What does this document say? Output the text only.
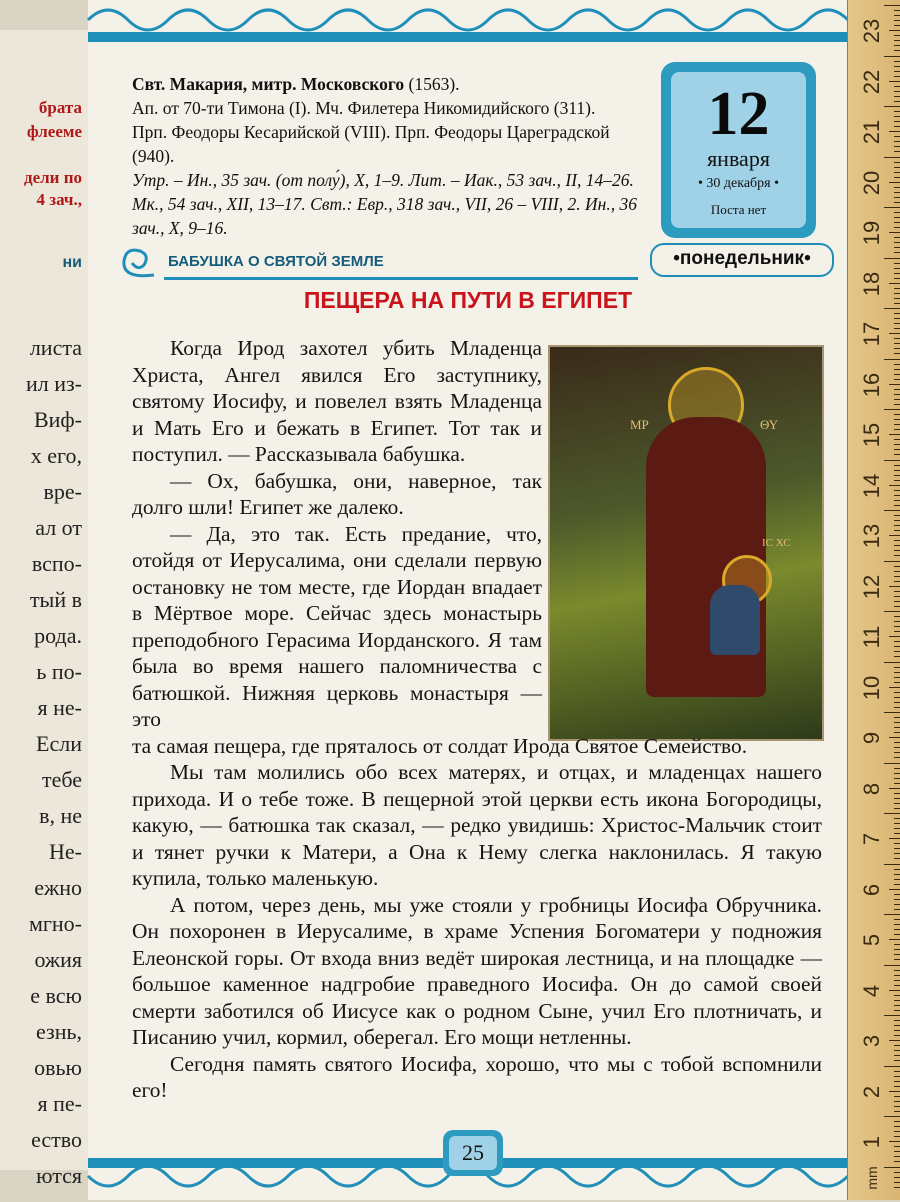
брата
флееме
дели по
4 зач.,
ни
листа
ил из-
Виф-
х его,
вре-
ал от
вспо-
тый в
рода.
ь по-
я не-
Если
тебе
в, не
Не-
ежно
мгно-
ожия
е всю
езнь,
овью
я пе-
ество
ются
Свт. Макария, митр. Московского (1563).
Ап. от 70-ти Тимона (I). Мч. Филетера Никомидийского (311).
Прп. Феодоры Кесарийской (VIII). Прп. Феодоры Цареградской
(940).
Утр. – Ин., 35 зач. (от полу́), Х, 1–9. Лит. – Иак., 53 зач., II, 14–26. Мк., 54 зач., XII, 13–17. Свт.: Евр., 318 зач., VII, 26 – VIII, 2. Ин., 36 зач., Х, 9–16.
12
января
• 30 декабря •
Поста нет
•понедельник•
БАБУШКА О СВЯТОЙ ЗЕМЛЕ
ПЕЩЕРА НА ПУТИ В ЕГИПЕТ
МР	ΘΥ
ΙС ХС

Когда Ирод захотел убить Младенца Христа, Ангел явился Его заступнику, святому Иосифу, и повелел взять Младенца и Мать Его и бежать в Египет. Тот так и поступил. — Рассказывала бабушка.

— Ох, бабушка, они, наверное, так долго шли! Египет же далеко.

— Да, это так. Есть предание, что, отойдя от Иерусалима, они сделали первую остановку не том месте, где Иордан впадает в Мёртвое море. Сейчас здесь монастырь преподобного Герасима Иорданского. Я там была во время нашего паломничества с батюшкой. Нижняя церковь монастыря — это

та самая пещера, где пряталось от солдат Ирода Святое Семейство.

Мы там молились обо всех матерях, и отцах, и младенцах нашего прихода. И о тебе тоже. В пещерной этой церкви есть икона Богородицы, какую, — батюшка так сказал, — редко увидишь: Христос-Мальчик стоит и тянет ручки к Матери, а Она к Нему слегка наклонилась. Я такую купила, только маленькую.

А потом, через день, мы уже стояли у гробницы Иосифа Обручника. Он похоронен в Иерусалиме, в храме Успения Богоматери у подножия Елеонской горы. От входа вниз ведёт широкая лестница, и на площадке — большое каменное надгробие праведного Иосифа. Он до самой своей смерти заботился об Иисусе как о родном Сыне, учил Его плотничать, и Писанию учил, кормил, оберегал. Его мощи нетленны.

Сегодня память святого Иосифа, хорошо, что мы с тобой вспомнили его!

25
mm
23
22
21
20
19
18
17
16
15
14
13
12
11
10
9
8
7
6
5
4
3
2
1
